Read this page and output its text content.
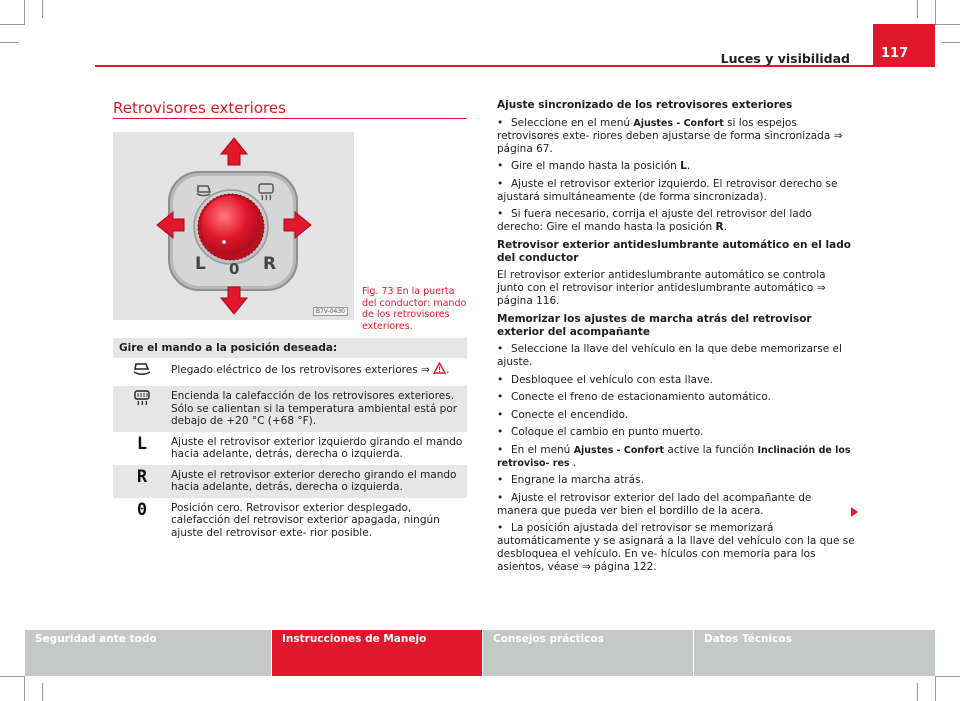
Luces y visibilidad	117
Retrovisores exteriores
L 0 R
B7V-0430
Fig. 73 En la puerta del conductor: mando de los retrovisores exteriores.
Gire el mando a la posición deseada:
Plegado eléctrico de los retrovisores exteriores ⇒ .
Encienda la calefacción de los retrovisores exteriores. Sólo se calientan si la temperatura ambiental está por debajo de +20 °C (+68 °F).
L Ajuste el retrovisor exterior izquierdo girando el mando hacia adelante, detrás, derecha o izquierda.
R Ajuste el retrovisor exterior derecho girando el mando hacia adelante, detrás, derecha o izquierda.
0 Posición cero. Retrovisor exterior desplegado, calefacción del retrovisor exterior apagada, ningún ajuste del retrovisor exte- rior posible.

Ajuste sincronizado de los retrovisores exteriores

• Seleccione en el menú Ajustes - Confort si los espejos retrovisores exte- riores deben ajustarse de forma sincronizada ⇒ página 67.

• Gire el mando hasta la posición L.

• Ajuste el retrovisor exterior izquierdo. El retrovisor derecho se ajustará simultáneamente (de forma sincronizada).

• Si fuera necesario, corrija el ajuste del retrovisor del lado derecho: Gire el mando hasta la posición R.

Retrovisor exterior antideslumbrante automático en el lado del conductor

El retrovisor exterior antideslumbrante automático se controla junto con el retrovisor interior antideslumbrante automático ⇒ página 116.

Memorizar los ajustes de marcha atrás del retrovisor exterior del acompañante

• Seleccione la llave del vehículo en la que debe memorizarse el ajuste.

• Desbloquee el vehículo con esta llave.

• Conecte el freno de estacionamiento automático.

• Conecte el encendido.

• Coloque el cambio en punto muerto.

• En el menú Ajustes - Confort active la función Inclinación de los retroviso- res .

• Engrane la marcha atrás.

• Ajuste el retrovisor exterior del lado del acompañante de manera que pueda ver bien el bordillo de la acera.

• La posición ajustada del retrovisor se memorizará automáticamente y se asignará a la llave del vehículo con la que se desbloquea el vehículo. En ve- hículos con memoria para los asientos, véase ⇒ página 122.

Seguridad ante todo	Instrucciones de Manejo	Consejos prácticos	Datos Técnicos
